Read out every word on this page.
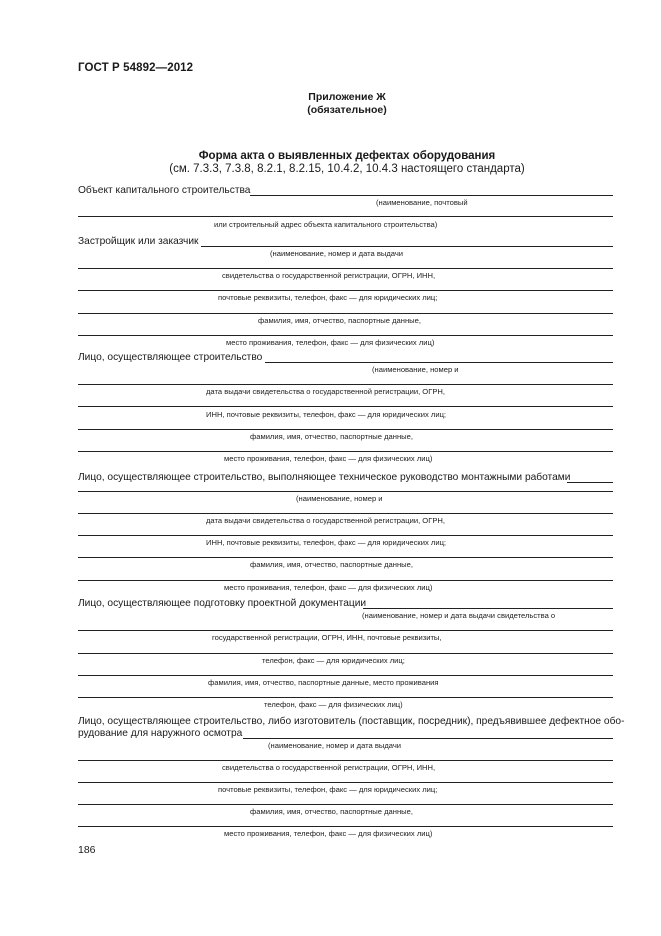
ГОСТ Р 54892—2012
Приложение Ж
(обязательное)
Форма акта о выявленных дефектах оборудования
(см. 7.3.3, 7.3.8, 8.2.1, 8.2.15, 10.4.2, 10.4.3 настоящего стандарта)
Объект капитального строительства
(наименование, почтовый
или строительный адрес объекта капитального строительства)
Застройщик или заказчик
(наименование, номер и дата выдачи
свидетельства о государственной регистрации, ОГРН, ИНН,
почтовые реквизиты, телефон, факс — для юридических лиц;
фамилия, имя, отчество, паспортные данные,
место проживания, телефон, факс — для физических лиц)
Лицо, осуществляющее строительство
(наименование, номер и
дата выдачи свидетельства о государственной регистрации, ОГРН,
ИНН, почтовые реквизиты, телефон, факс — для юридических лиц;
фамилия, имя, отчество, паспортные данные,
место проживания, телефон, факс — для физических лиц)
Лицо, осуществляющее строительство, выполняющее техническое руководство монтажными работами
(наименование, номер и
дата выдачи свидетельства о государственной регистрации, ОГРН,
ИНН, почтовые реквизиты, телефон, факс — для юридических лиц;
фамилия, имя, отчество, паспортные данные,
место проживания, телефон, факс — для физических лиц)
Лицо, осуществляющее подготовку проектной документации
(наименование, номер и дата выдачи свидетельства о
государственной регистрации, ОГРН, ИНН, почтовые реквизиты,
телефон, факс — для юридических лиц;
фамилия, имя, отчество, паспортные данные, место проживания
телефон, факс — для физических лиц)
Лицо, осуществляющее строительство, либо изготовитель (поставщик, посредник), предъявившее дефектное обо-
рудование для наружного осмотра
(наименование, номер и дата выдачи
свидетельства о государственной регистрации, ОГРН, ИНН,
почтовые реквизиты, телефон, факс — для юридических лиц;
фамилия, имя, отчество, паспортные данные,
место проживания, телефон, факс — для физических лиц)
186
